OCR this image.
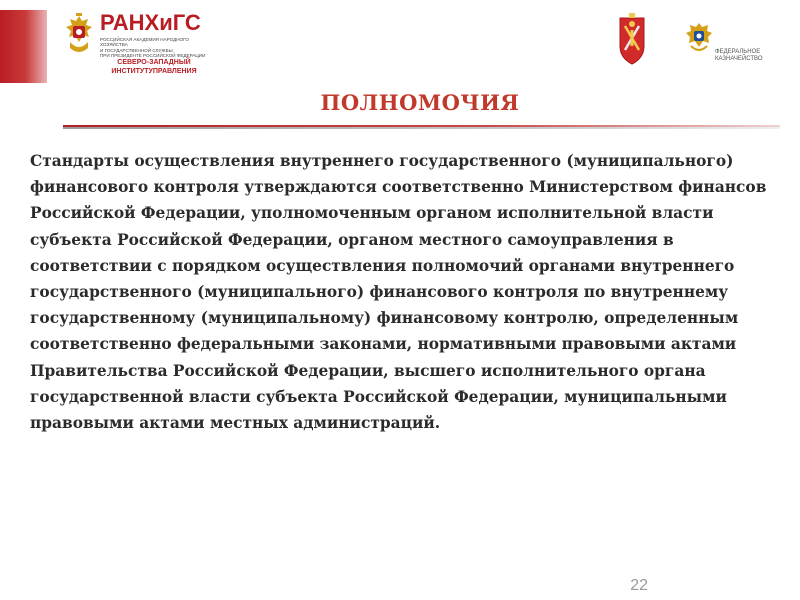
РАНХиГС
РОССИЙСКАЯ АКАДЕМИЯ НАРОДНОГО ХОЗЯЙСТВА
И ГОСУДАРСТВЕННОЙ СЛУЖБЫ
ПРИ ПРЕЗИДЕНТЕ РОССИЙСКОЙ ФЕДЕРАЦИИ
СЕВЕРО-ЗАПАДНЫЙ
ИНСТИТУТУПРАВЛЕНИЯ
ФЕДЕРАЛЬНОЕ
КАЗНАЧЕЙСТВО
ПОЛНОМОЧИЯ

Стандарты осуществления внутреннего государственного (муниципального) финансового контроля утверждаются соответственно Министерством финансов Российской Федерации, уполномоченным органом исполнительной власти субъекта Российской Федерации, органом местного самоуправления в соответствии с порядком осуществления полномочий органами внутреннего государственного (муниципального) финансового контроля по внутреннему государственному (муниципальному) финансовому контролю, определенным соответственно федеральными законами, нормативными правовыми актами Правительства Российской Федерации, высшего исполнительного органа государственной власти субъекта Российской Федерации, муниципальными правовыми актами местных администраций.

22
